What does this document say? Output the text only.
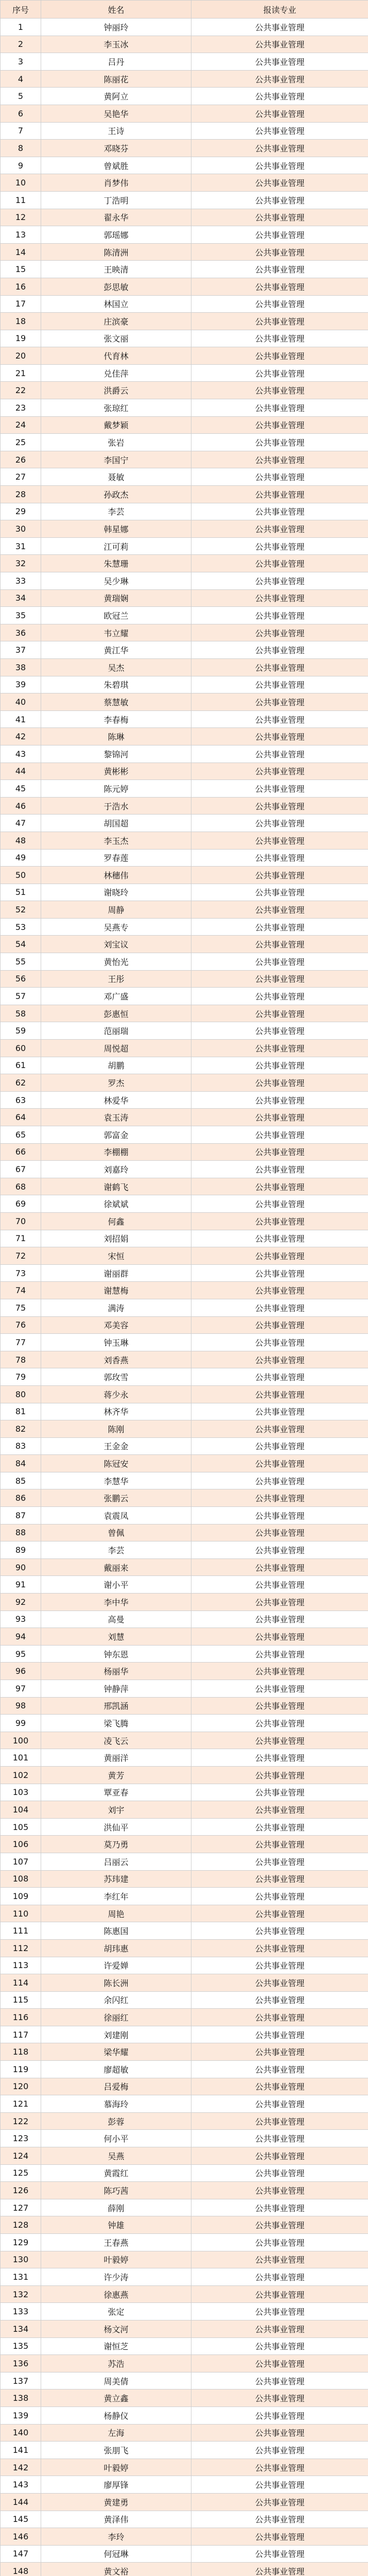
序号	姓名	报读专业
1	钟丽玲	公共事业管理
2	李玉冰	公共事业管理
3	吕丹	公共事业管理
4	陈丽花	公共事业管理
5	黄阿立	公共事业管理
6	吴艳华	公共事业管理
7	王诗	公共事业管理
8	邓晓芬	公共事业管理
9	曾斌胜	公共事业管理
10	肖梦伟	公共事业管理
11	丁浩明	公共事业管理
12	翟永华	公共事业管理
13	郭瑶娜	公共事业管理
14	陈清洲	公共事业管理
15	王映清	公共事业管理
16	彭思敏	公共事业管理
17	林国立	公共事业管理
18	庄滨豪	公共事业管理
19	张文丽	公共事业管理
20	代育林	公共事业管理
21	兑佳萍	公共事业管理
22	洪爵云	公共事业管理
23	张琼红	公共事业管理
24	戴梦颖	公共事业管理
25	张岩	公共事业管理
26	李国宁	公共事业管理
27	聂敏	公共事业管理
28	孙政杰	公共事业管理
29	李芸	公共事业管理
30	韩星娜	公共事业管理
31	江可莉	公共事业管理
32	朱慧珊	公共事业管理
33	吴少琳	公共事业管理
34	黄瑞娴	公共事业管理
35	欧冠兰	公共事业管理
36	韦立耀	公共事业管理
37	黄江华	公共事业管理
38	吴杰	公共事业管理
39	朱碧琪	公共事业管理
40	蔡慧敏	公共事业管理
41	李春梅	公共事业管理
42	陈琳	公共事业管理
43	黎锦河	公共事业管理
44	黄彬彬	公共事业管理
45	陈元婷	公共事业管理
46	于浩水	公共事业管理
47	胡国超	公共事业管理
48	李玉杰	公共事业管理
49	罗春莲	公共事业管理
50	林穗伟	公共事业管理
51	谢晓玲	公共事业管理
52	周静	公共事业管理
53	吴燕专	公共事业管理
54	刘宝议	公共事业管理
55	黄怡光	公共事业管理
56	王彤	公共事业管理
57	邓广盛	公共事业管理
58	彭惠恒	公共事业管理
59	范丽瑞	公共事业管理
60	周悦超	公共事业管理
61	胡鹏	公共事业管理
62	罗杰	公共事业管理
63	林爱华	公共事业管理
64	袁玉涛	公共事业管理
65	郭富金	公共事业管理
66	李棚棚	公共事业管理
67	刘嘉玲	公共事业管理
68	谢鹤飞	公共事业管理
69	徐斌斌	公共事业管理
70	何鑫	公共事业管理
71	刘招娟	公共事业管理
72	宋恒	公共事业管理
73	谢丽群	公共事业管理
74	谢慧梅	公共事业管理
75	满涛	公共事业管理
76	邓美容	公共事业管理
77	钟玉琳	公共事业管理
78	刘香燕	公共事业管理
79	郭玫雪	公共事业管理
80	蒋少永	公共事业管理
81	林齐华	公共事业管理
82	陈刚	公共事业管理
83	王金金	公共事业管理
84	陈冠安	公共事业管理
85	李慧华	公共事业管理
86	张鹏云	公共事业管理
87	袁震凤	公共事业管理
88	曾佩	公共事业管理
89	李芸	公共事业管理
90	戴丽来	公共事业管理
91	谢小平	公共事业管理
92	李中华	公共事业管理
93	高曼	公共事业管理
94	刘慧	公共事业管理
95	钟东恩	公共事业管理
96	杨丽华	公共事业管理
97	钟静萍	公共事业管理
98	邢凯涵	公共事业管理
99	梁飞腾	公共事业管理
100	凌飞云	公共事业管理
101	黄丽洋	公共事业管理
102	黄芳	公共事业管理
103	覃亚春	公共事业管理
104	刘宇	公共事业管理
105	洪仙平	公共事业管理
106	莫乃勇	公共事业管理
107	吕丽云	公共事业管理
108	苏玮建	公共事业管理
109	李红年	公共事业管理
110	周艳	公共事业管理
111	陈惠国	公共事业管理
112	胡玮惠	公共事业管理
113	许爱婵	公共事业管理
114	陈长洲	公共事业管理
115	余闪红	公共事业管理
116	徐丽红	公共事业管理
117	刘建刚	公共事业管理
118	梁华耀	公共事业管理
119	廖超敏	公共事业管理
120	吕爱梅	公共事业管理
121	慕海玲	公共事业管理
122	彭蓉	公共事业管理
123	何小平	公共事业管理
124	吴燕	公共事业管理
125	黄霞红	公共事业管理
126	陈巧茜	公共事业管理
127	薛刚	公共事业管理
128	钟雄	公共事业管理
129	王春燕	公共事业管理
130	叶毅婷	公共事业管理
131	许少涛	公共事业管理
132	徐惠燕	公共事业管理
133	张定	公共事业管理
134	杨文河	公共事业管理
135	谢恒芝	公共事业管理
136	苏浩	公共事业管理
137	周美倩	公共事业管理
138	黄立鑫	公共事业管理
139	杨静仪	公共事业管理
140	左海	公共事业管理
141	张朋飞	公共事业管理
142	叶毅婷	公共事业管理
143	廖厚锋	公共事业管理
144	黄建勇	公共事业管理
145	黄泽伟	公共事业管理
146	李玲	公共事业管理
147	何冠琳	公共事业管理
148	黄文裕	公共事业管理
